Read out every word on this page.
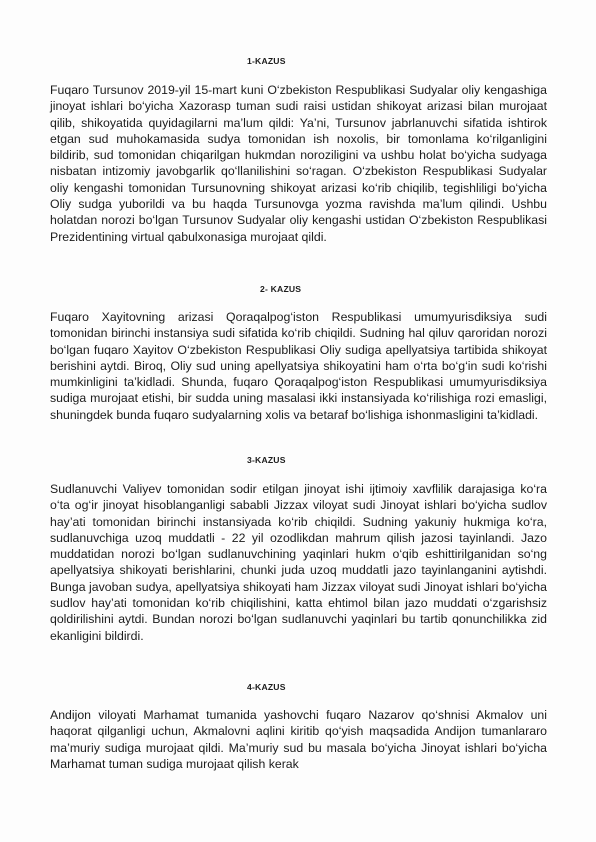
1-KAZUS

Fuqaro Tursunov 2019-yil 15-mart kuni O‘zbekiston Respublikasi Sudyalar oliy kengashiga jinoyat ishlari bo‘yicha Xazorasp tuman sudi raisi ustidan shikoyat arizasi bilan murojaat qilib, shikoyatida quyidagilarni ma’lum qildi: Ya’ni, Tursunov jabrlanuvchi sifatida ishtirok etgan sud muhokamasida sudya tomonidan ish noxolis, bir tomonlama ko‘rilganligini bildirib, sud tomonidan chiqarilgan hukmdan noroziligini va ushbu holat bo‘yicha sudyaga nisbatan intizomiy javobgarlik qo‘llanilishini so‘ragan. O‘zbekiston Respublikasi Sudyalar oliy kengashi tomonidan Tursunovning shikoyat arizasi ko‘rib chiqilib, tegishliligi bo‘yicha Oliy sudga yuborildi va bu haqda Tursunovga yozma ravishda ma’lum qilindi. Ushbu holatdan norozi bo‘lgan Tursunov Sudyalar oliy kengashi ustidan O‘zbekiston Respublikasi Prezidentining virtual qabulxonasiga murojaat qildi.

2- KAZUS

Fuqaro Xayitovning arizasi Qoraqalpog‘iston Respublikasi umumyurisdiksiya sudi tomonidan birinchi instansiya sudi sifatida ko‘rib chiqildi. Sudning hal qiluv qaroridan norozi bo‘lgan fuqaro Xayitov O‘zbekiston Respublikasi Oliy sudiga apellyatsiya tartibida shikoyat berishini aytdi. Biroq, Oliy sud uning apellyatsiya shikoyatini ham o‘rta bo‘g‘in sudi ko‘rishi mumkinligini ta’kidladi. Shunda, fuqaro Qoraqalpog‘iston Respublikasi umumyurisdiksiya sudiga murojaat etishi, bir sudda uning masalasi ikki instansiyada ko‘rilishiga rozi emasligi, shuningdek bunda fuqaro sudyalarning xolis va betaraf bo‘lishiga ishonmasligini ta’kidladi.

3-KAZUS

Sudlanuvchi Valiyev tomonidan sodir etilgan jinoyat ishi ijtimoiy xavflilik darajasiga ko‘ra o‘ta og‘ir jinoyat hisoblanganligi sababli Jizzax viloyat sudi Jinoyat ishlari bo‘yicha sudlov hay’ati tomonidan birinchi instansiyada ko‘rib chiqildi. Sudning yakuniy hukmiga ko‘ra, sudlanuvchiga uzoq muddatli - 22 yil ozodlikdan mahrum qilish jazosi tayinlandi. Jazo muddatidan norozi bo‘lgan sudlanuvchining yaqinlari hukm o‘qib eshittirilganidan so‘ng apellyatsiya shikoyati berishlarini, chunki juda uzoq muddatli jazo tayinlanganini aytishdi. Bunga javoban sudya, apellyatsiya shikoyati ham Jizzax viloyat sudi Jinoyat ishlari bo‘yicha sudlov hay’ati tomonidan ko‘rib chiqilishini, katta ehtimol bilan jazo muddati o‘zgarishsiz qoldirilishini aytdi. Bundan norozi bo‘lgan sudlanuvchi yaqinlari bu tartib qonunchilikka zid ekanligini bildirdi.

4-KAZUS

Andijon viloyati Marhamat tumanida yashovchi fuqaro Nazarov qo‘shnisi Akmalov uni haqorat qilganligi uchun, Akmalovni aqlini kiritib qo‘yish maqsadida Andijon tumanlararo ma’muriy sudiga murojaat qildi. Ma’muriy sud bu masala bo‘yicha Jinoyat ishlari bo‘yicha Marhamat tuman sudiga murojaat qilish kerak
